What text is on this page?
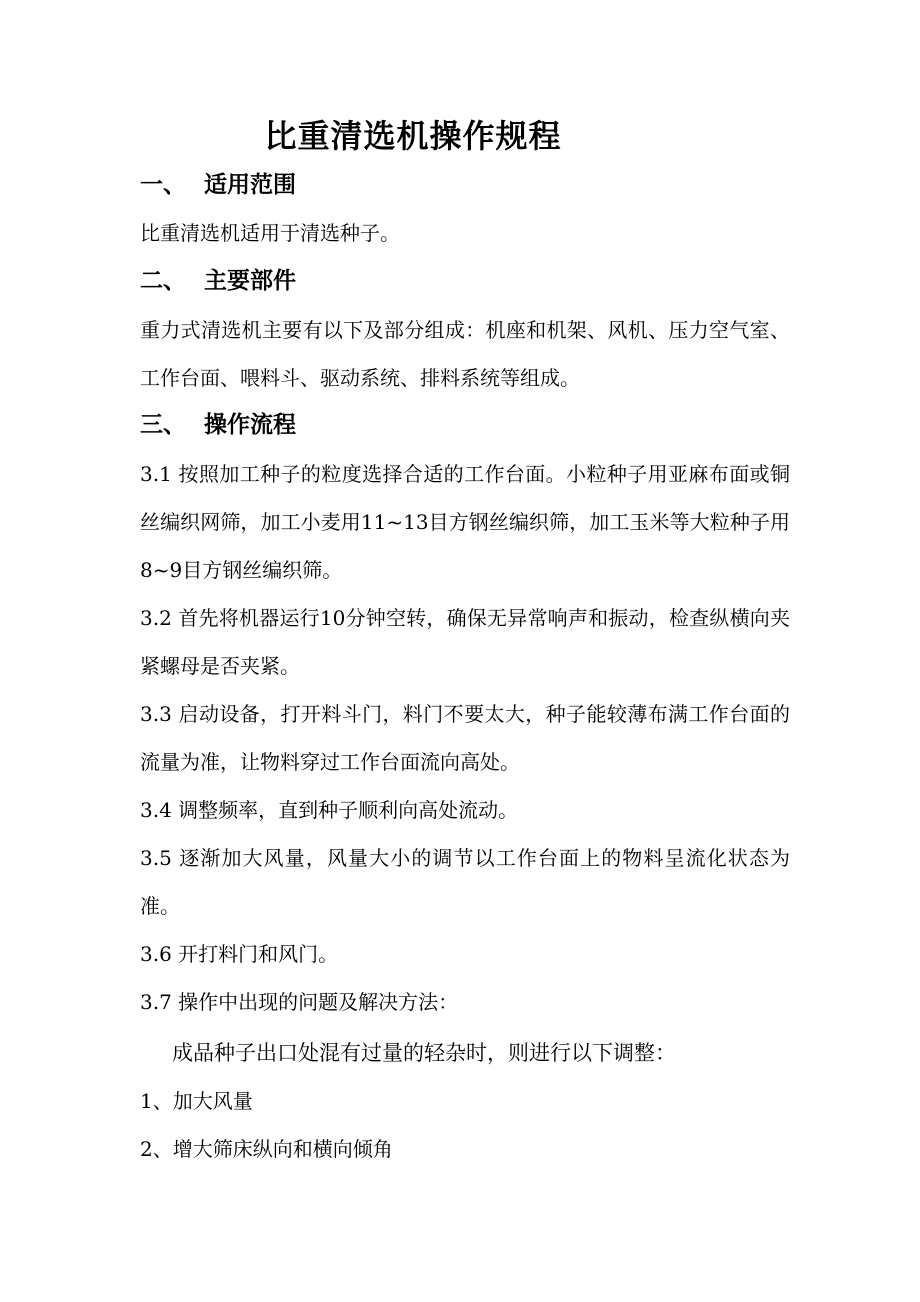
比重清选机操作规程
一、 适用范围
比重清选机适用于清选种子。
二、 主要部件
重力式清选机主要有以下及部分组成：机座和机架、风机、压力空气室、工作台面、喂料斗、驱动系统、排料系统等组成。
三、 操作流程
3.1 按照加工种子的粒度选择合适的工作台面。小粒种子用亚麻布面或铜丝编织网筛，加工小麦用11~13目方钢丝编织筛，加工玉米等大粒种子用8~9目方钢丝编织筛。
3.2 首先将机器运行10分钟空转，确保无异常响声和振动，检查纵横向夹紧螺母是否夹紧。
3.3 启动设备，打开料斗门，料门不要太大，种子能较薄布满工作台面的流量为准，让物料穿过工作台面流向高处。
3.4 调整频率，直到种子顺利向高处流动。
3.5 逐渐加大风量，风量大小的调节以工作台面上的物料呈流化状态为准。
3.6 开打料门和风门。
3.7 操作中出现的问题及解决方法：
成品种子出口处混有过量的轻杂时，则进行以下调整：
1、加大风量
2、增大筛床纵向和横向倾角
